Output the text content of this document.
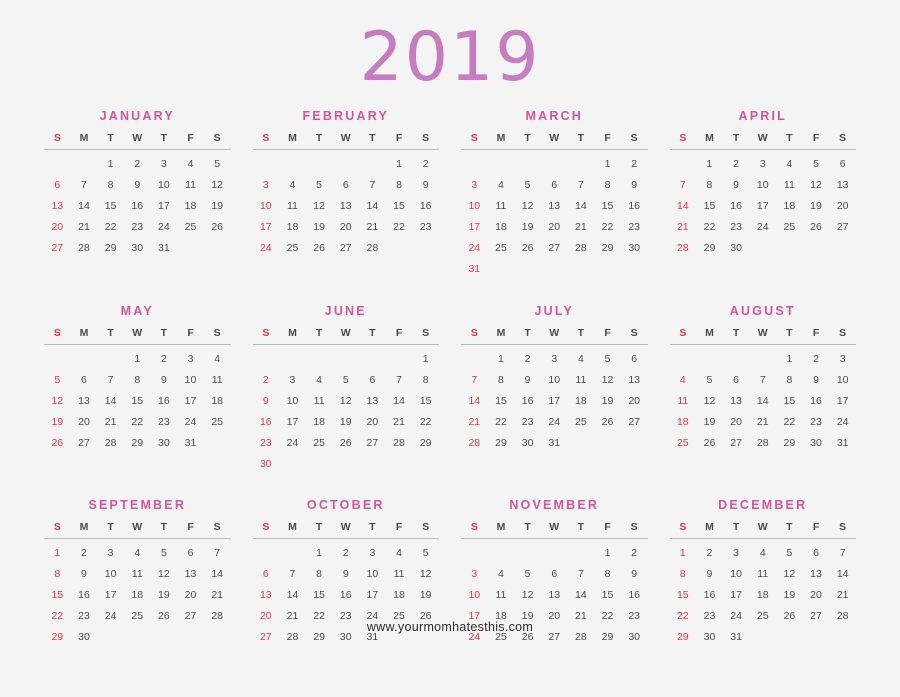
2019
JANUARY
S	M	T	W	T	F	S
		1	2	3	4	5
6	7	8	9	10	11	12
13	14	15	16	17	18	19
20	21	22	23	24	25	26
27	28	29	30	31		
FEBRUARY
S	M	T	W	T	F	S
					1	2
3	4	5	6	7	8	9
10	11	12	13	14	15	16
17	18	19	20	21	22	23
24	25	26	27	28		
MARCH
S	M	T	W	T	F	S
					1	2
3	4	5	6	7	8	9
10	11	12	13	14	15	16
17	18	19	20	21	22	23
24	25	26	27	28	29	30
31						
APRIL
S	M	T	W	T	F	S
	1	2	3	4	5	6
7	8	9	10	11	12	13
14	15	16	17	18	19	20
21	22	23	24	25	26	27
28	29	30				
MAY
S	M	T	W	T	F	S
			1	2	3	4
5	6	7	8	9	10	11
12	13	14	15	16	17	18
19	20	21	22	23	24	25
26	27	28	29	30	31	
JUNE
S	M	T	W	T	F	S
						1
2	3	4	5	6	7	8
9	10	11	12	13	14	15
16	17	18	19	20	21	22
23	24	25	26	27	28	29
30						
JULY
S	M	T	W	T	F	S
	1	2	3	4	5	6
7	8	9	10	11	12	13
14	15	16	17	18	19	20
21	22	23	24	25	26	27
28	29	30	31			
AUGUST
S	M	T	W	T	F	S
				1	2	3
4	5	6	7	8	9	10
11	12	13	14	15	16	17
18	19	20	21	22	23	24
25	26	27	28	29	30	31
SEPTEMBER
S	M	T	W	T	F	S
1	2	3	4	5	6	7
8	9	10	11	12	13	14
15	16	17	18	19	20	21
22	23	24	25	26	27	28
29	30					
OCTOBER
S	M	T	W	T	F	S
		1	2	3	4	5
6	7	8	9	10	11	12
13	14	15	16	17	18	19
20	21	22	23	24	25	26
27	28	29	30	31		
NOVEMBER
S	M	T	W	T	F	S
					1	2
3	4	5	6	7	8	9
10	11	12	13	14	15	16
17	18	19	20	21	22	23
24	25	26	27	28	29	30
DECEMBER
S	M	T	W	T	F	S
1	2	3	4	5	6	7
8	9	10	11	12	13	14
15	16	17	18	19	20	21
22	23	24	25	26	27	28
29	30	31				
www.yourmomhatesthis.com
